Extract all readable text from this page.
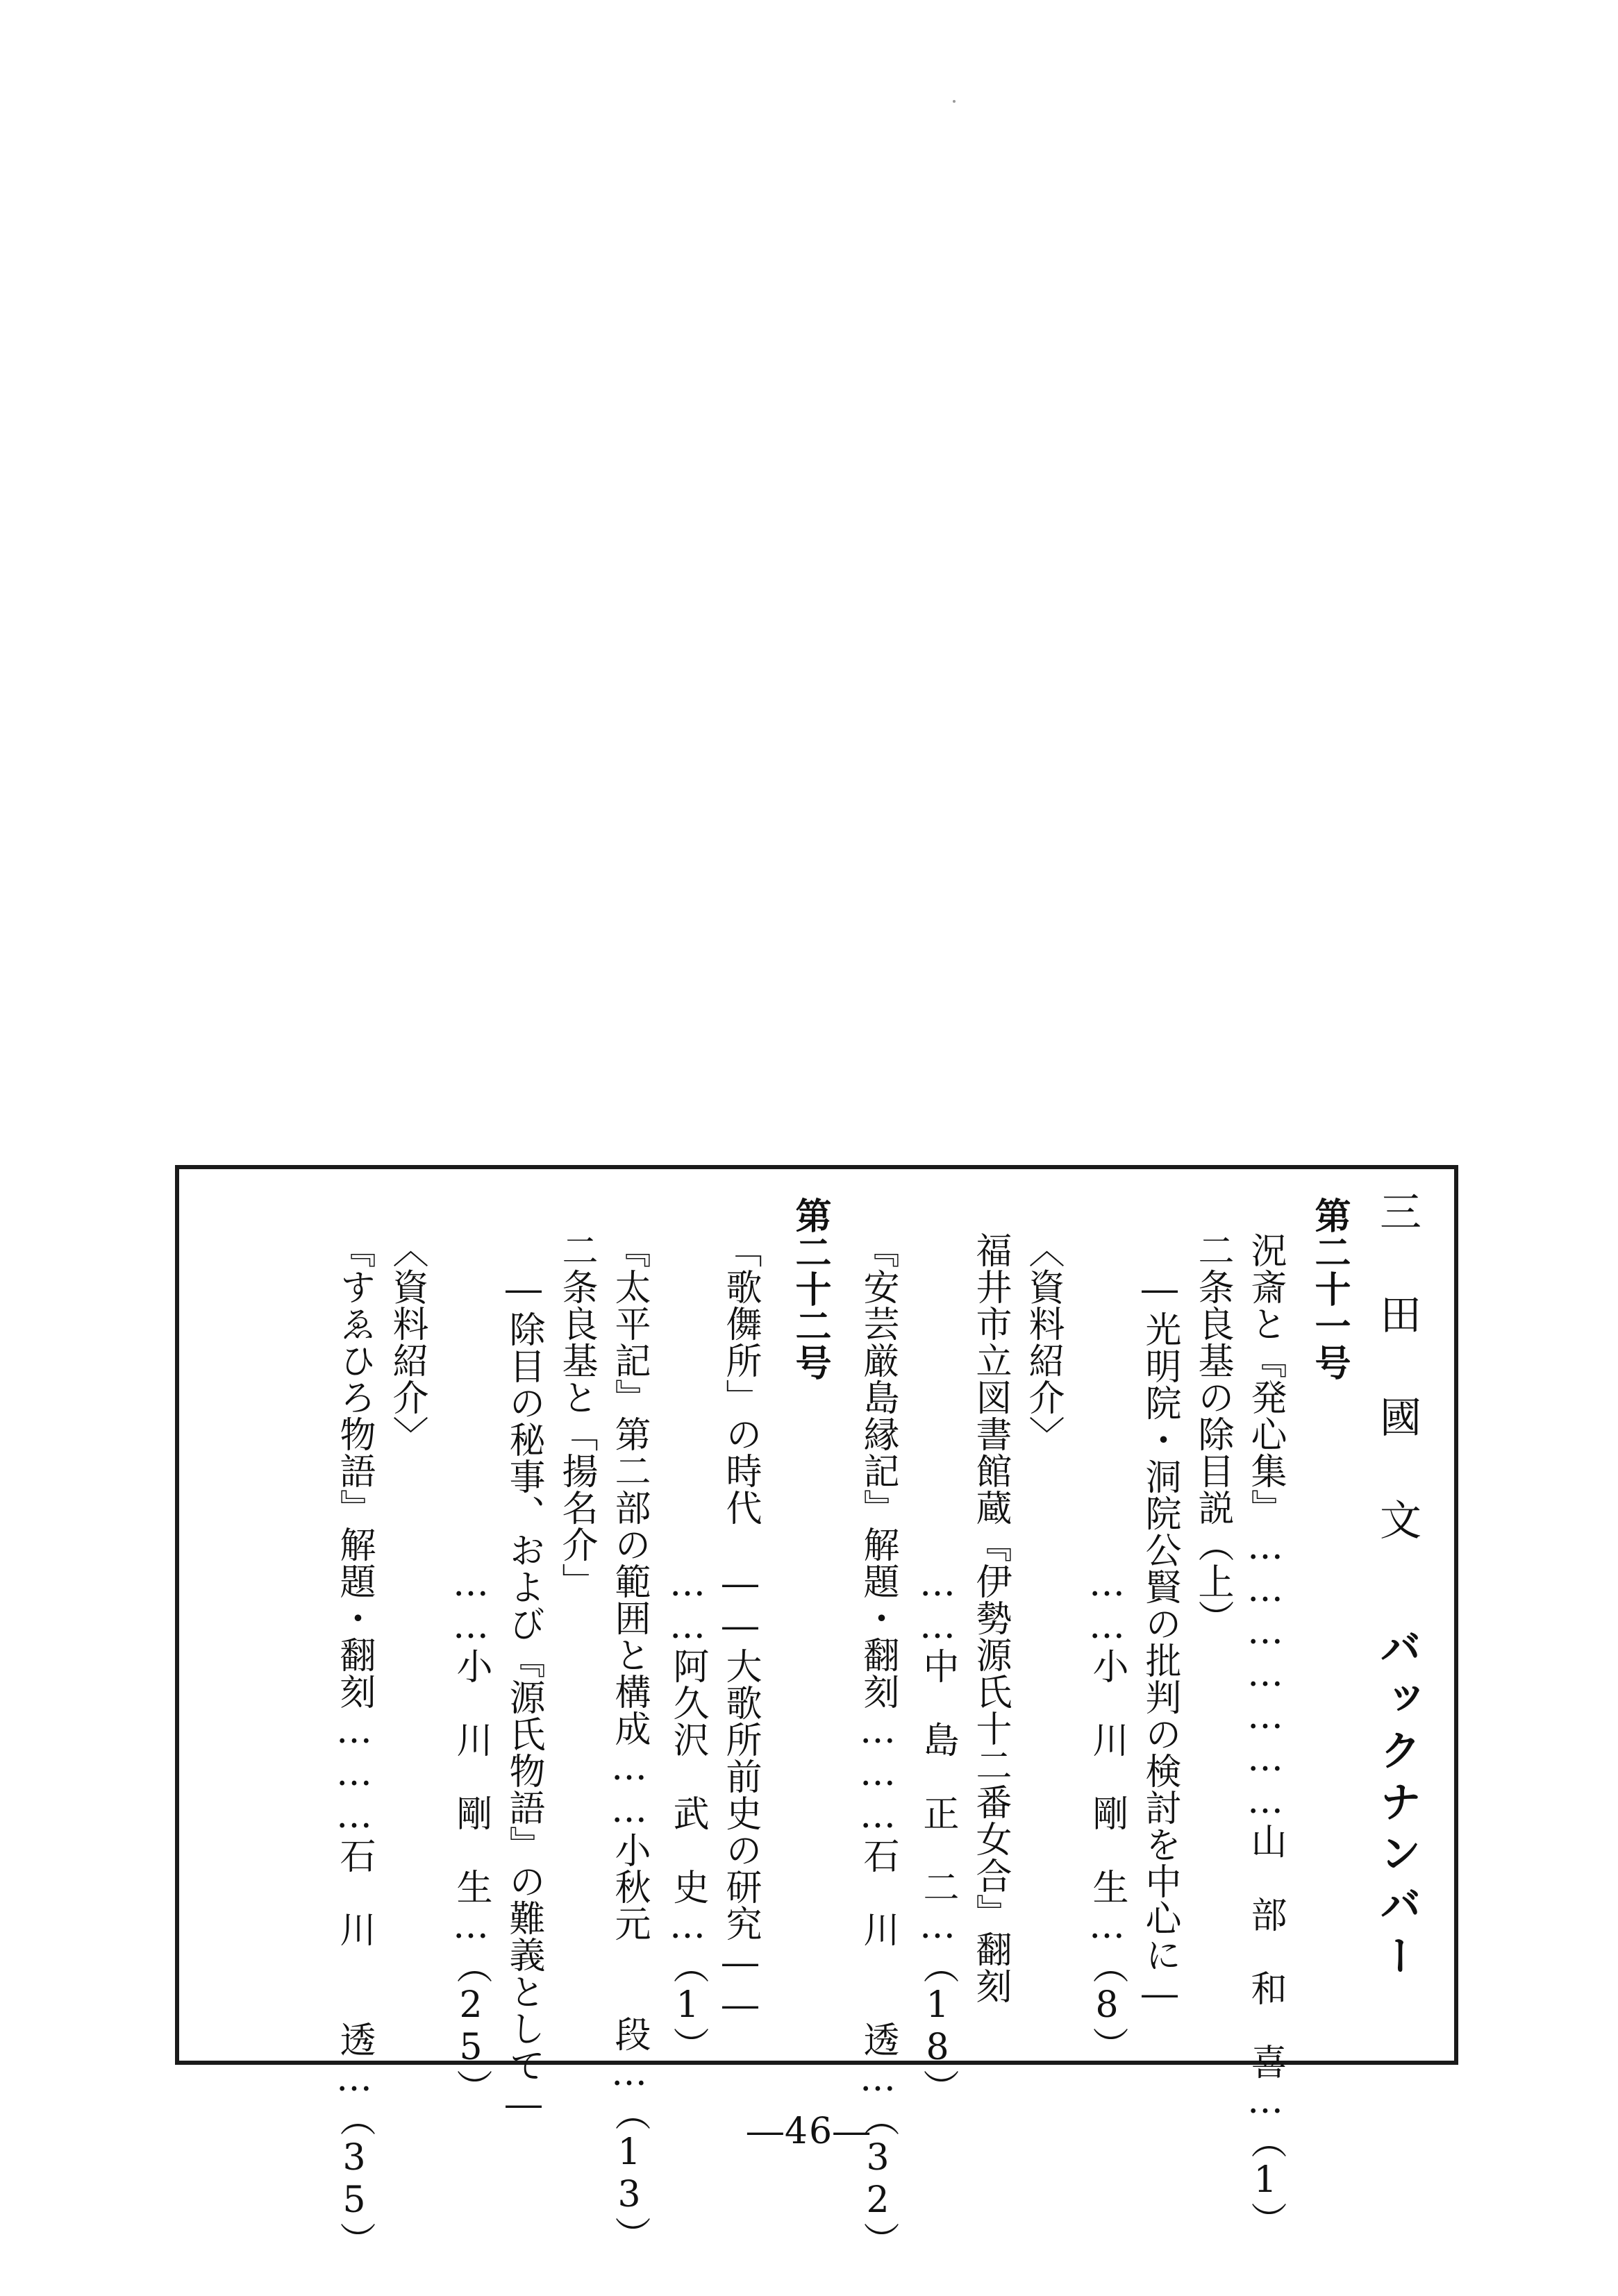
三　田　國　文バックナンバー
第二十一号
況斎と『発心集』…………………山　部　和　喜…（1）
二条良基の除目説（上）
　―光明院・洞院公賢の批判の検討を中心に―
　　　　　　　　　……小　川　剛　生…（8）
〈資料紹介〉
福井市立図書館蔵『伊勢源氏十二番女合』翻刻
　　　　　　　　　……中　島　正　二…（18）
『安芸厳島縁記』解題・翻刻………石　川　　透…（32）
第二十二号
「歌儛所」の時代　――大歌所前史の研究――
　　　　　　　　　……阿久沢　武　史…（1）
『太平記』第二部の範囲と構成……小秋元　　段…（13）
二条良基と「揚名介」
　―除目の秘事、および『源氏物語』の難義として―
　　　　　　　　　……小　川　剛　生…（25）
〈資料紹介〉
『すゑひろ物語』解題・翻刻………石　川　　透…（35）	―46―
